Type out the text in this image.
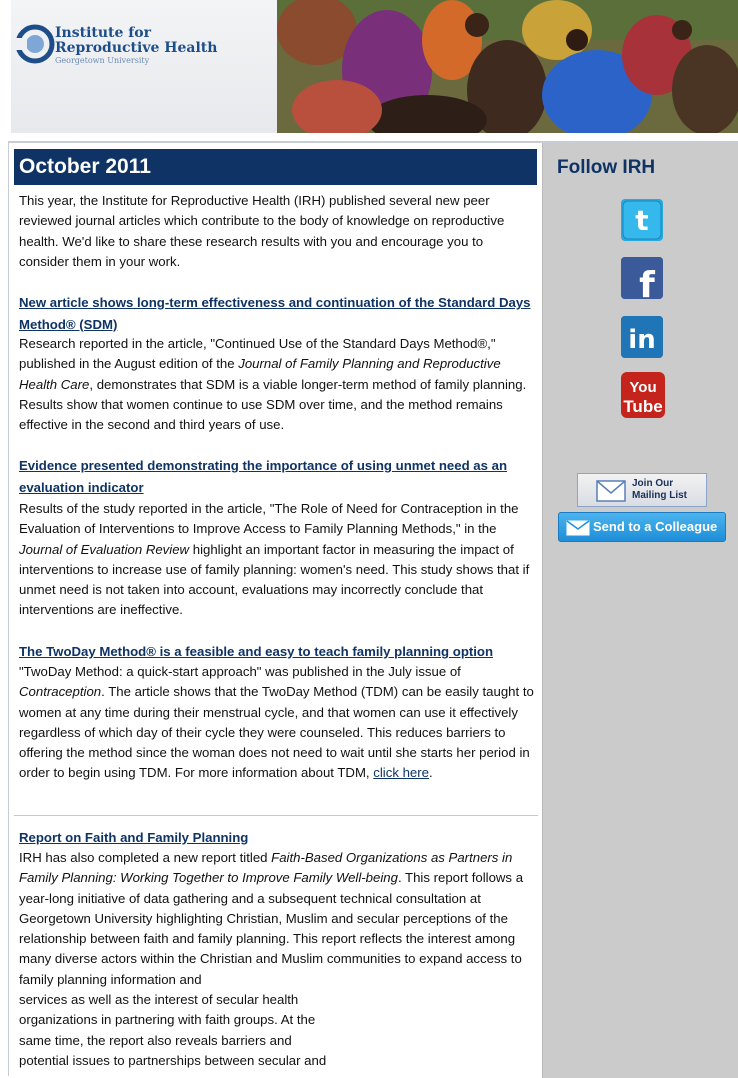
Institute for
Reproductive Health
Georgetown University
October 2011
This year, the Institute for Reproductive Health (IRH) published several new peer reviewed journal articles which contribute to the body of knowledge on reproductive health. We'd like to share these research results with you and encourage you to consider them in your work.
New article shows long-term effectiveness and continuation of the Standard Days Method® (SDM)
Research reported in the article, "Continued Use of the Standard Days Method®," published in the August edition of the Journal of Family Planning and Reproductive Health Care, demonstrates that SDM is a viable longer-term method of family planning. Results show that women continue to use SDM over time, and the method remains effective in the second and third years of use.
Evidence presented demonstrating the importance of using unmet need as an evaluation indicator
Results of the study reported in the article, "The Role of Need for Contraception in the Evaluation of Interventions to Improve Access to Family Planning Methods," in the Journal of Evaluation Review highlight an important factor in measuring the impact of interventions to increase use of family planning: women's need. This study shows that if unmet need is not taken into account, evaluations may incorrectly conclude that interventions are ineffective.
The TwoDay Method® is a feasible and easy to teach family planning option
"TwoDay Method: a quick-start approach" was published in the July issue of Contraception. The article shows that the TwoDay Method (TDM) can be easily taught to women at any time during their menstrual cycle, and that women can use it effectively regardless of which day of their cycle they were counseled. This reduces barriers to offering the method since the woman does not need to wait until she starts her period in order to begin using TDM. For more information about TDM, click here.
Report on Faith and Family Planning
IRH has also completed a new report titled Faith-Based Organizations as Partners in Family Planning: Working Together to Improve Family Well-being. This report follows a year-long initiative of data gathering and a subsequent technical consultation at Georgetown University highlighting Christian, Muslim and secular perceptions of the relationship between faith and family planning. This report reflects the interest among many diverse actors within the Christian and Muslim communities to expand access to family planning information and
services as well as the interest of secular health
organizations in partnering with faith groups. At the
same time, the report also reveals barriers and
potential issues to partnerships between secular and
Follow IRH
t
f
in
You
Tube
Join Our
Mailing List
Send to a Colleague
